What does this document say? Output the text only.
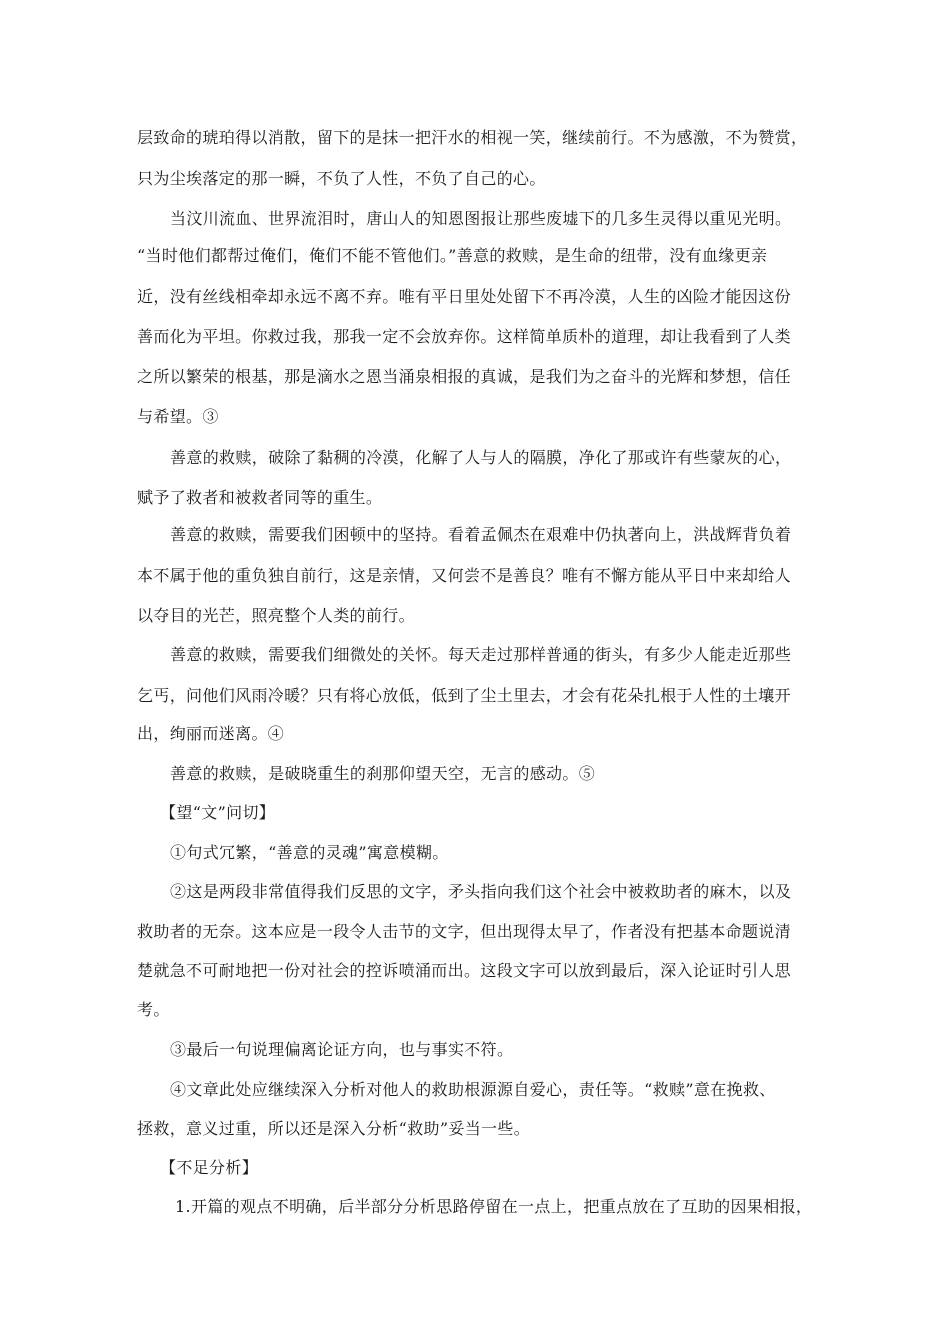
层致命的琥珀得以消散，留下的是抹一把汗水的相视一笑，继续前行。不为感激，不为赞赏，

只为尘埃落定的那一瞬，不负了人性，不负了自己的心。

当汶川流血、世界流泪时，唐山人的知恩图报让那些废墟下的几多生灵得以重见光明。

“当时他们都帮过俺们，俺们不能不管他们。”善意的救赎，是生命的纽带，没有血缘更亲

近，没有丝线相牵却永远不离不弃。唯有平日里处处留下不再冷漠，人生的凶险才能因这份

善而化为平坦。你救过我，那我一定不会放弃你。这样简单质朴的道理，却让我看到了人类

之所以繁荣的根基，那是滴水之恩当涌泉相报的真诚，是我们为之奋斗的光辉和梦想，信任

与希望。③

善意的救赎，破除了黏稠的冷漠，化解了人与人的隔膜，净化了那或许有些蒙灰的心，

赋予了救者和被救者同等的重生。

善意的救赎，需要我们困顿中的坚持。看着孟佩杰在艰难中仍执著向上，洪战辉背负着

本不属于他的重负独自前行，这是亲情，又何尝不是善良？唯有不懈方能从平日中来却给人

以夺目的光芒，照亮整个人类的前行。

善意的救赎，需要我们细微处的关怀。每天走过那样普通的街头，有多少人能走近那些

乞丐，问他们风雨冷暖？只有将心放低，低到了尘土里去，才会有花朵扎根于人性的土壤开

出，绚丽而迷离。④

善意的救赎，是破晓重生的刹那仰望天空，无言的感动。⑤

【望“文”问切】

①句式冗繁，“善意的灵魂”寓意模糊。

②这是两段非常值得我们反思的文字，矛头指向我们这个社会中被救助者的麻木，以及

救助者的无奈。这本应是一段令人击节的文字，但出现得太早了，作者没有把基本命题说清

楚就急不可耐地把一份对社会的控诉喷涌而出。这段文字可以放到最后，深入论证时引人思

考。

③最后一句说理偏离论证方向，也与事实不符。

④文章此处应继续深入分析对他人的救助根源源自爱心，责任等。“救赎”意在挽救、

拯救，意义过重，所以还是深入分析“救助”妥当一些。

【不足分析】

1.开篇的观点不明确，后半部分分析思路停留在一点上，把重点放在了互助的因果相报，
